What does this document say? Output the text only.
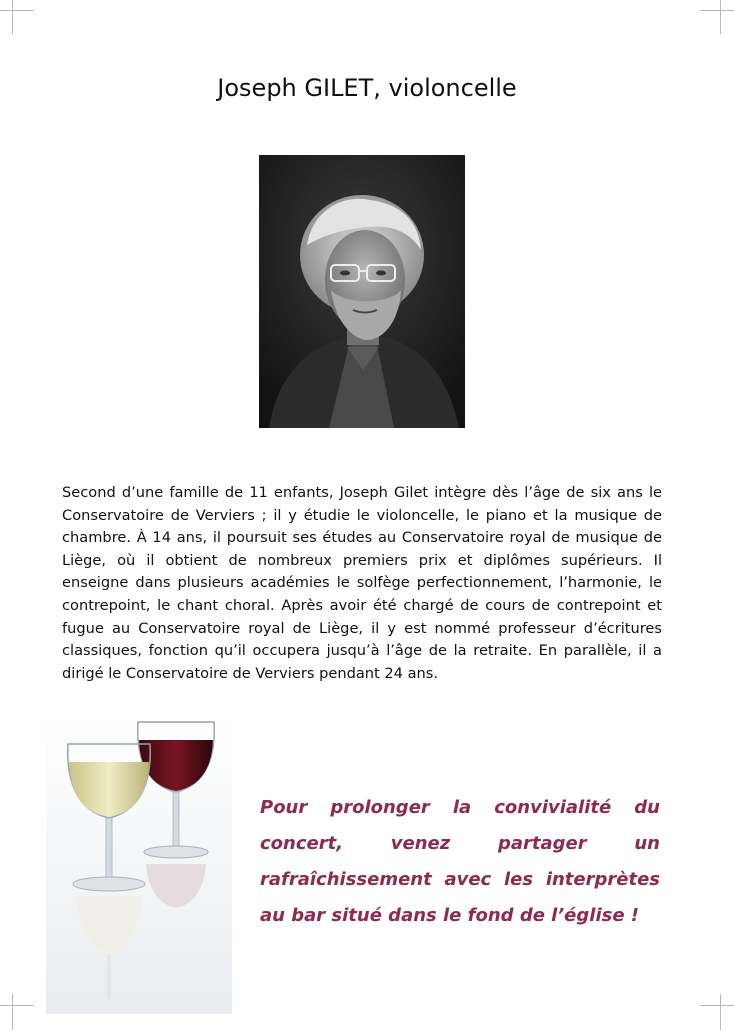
Joseph GILET, violoncelle

Second d’une famille de 11 enfants, Joseph Gilet intègre dès l’âge de six ans le Conservatoire de Verviers ; il y étudie le violoncelle, le piano et la musique de chambre. À 14 ans, il poursuit ses études au Conservatoire royal de musique de Liège, où il obtient de nombreux premiers prix et diplômes supérieurs. Il enseigne dans plusieurs académies le solfège perfectionnement, l’harmonie, le contrepoint, le chant choral. Après avoir été chargé de cours de contrepoint et fugue au Conservatoire royal de Liège, il y est nommé professeur d’écritures classiques, fonction qu’il occupera jusqu’à l’âge de la retraite. En parallèle, il a dirigé le Conservatoire de Verviers pendant 24 ans.

Pour prolonger la convivialité du concert, venez partager un rafraîchissement avec les interprètes au bar situé dans le fond de l’église !
